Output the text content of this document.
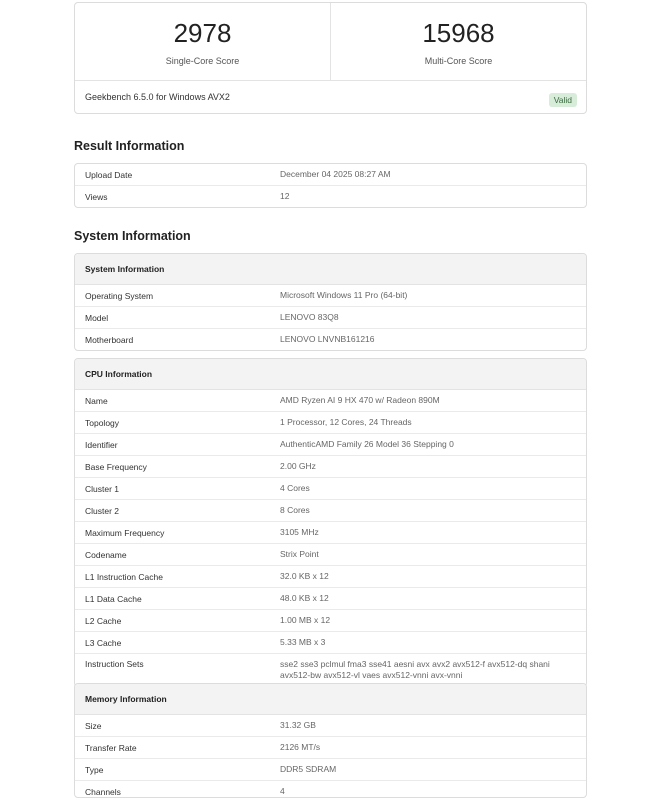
2978
Single-Core Score
15968
Multi-Core Score
Geekbench 6.5.0 for Windows AVX2	Valid
Result Information
Upload Date	December 04 2025 08:27 AM
Views	12
System Information
System Information
Operating System	Microsoft Windows 11 Pro (64-bit)
Model	LENOVO 83Q8
Motherboard	LENOVO LNVNB161216
CPU Information
Name	AMD Ryzen AI 9 HX 470 w/ Radeon 890M
Topology	1 Processor, 12 Cores, 24 Threads
Identifier	AuthenticAMD Family 26 Model 36 Stepping 0
Base Frequency	2.00 GHz
Cluster 1	4 Cores
Cluster 2	8 Cores
Maximum Frequency	3105 MHz
Codename	Strix Point
L1 Instruction Cache	32.0 KB x 12
L1 Data Cache	48.0 KB x 12
L2 Cache	1.00 MB x 12
L3 Cache	5.33 MB x 3
Instruction Sets	sse2 sse3 pclmul fma3 sse41 aesni avx avx2 avx512-f avx512-dq shani avx512-bw avx512-vl vaes avx512-vnni avx-vnni
Memory Information
Size	31.32 GB
Transfer Rate	2126 MT/s
Type	DDR5 SDRAM
Channels	4
